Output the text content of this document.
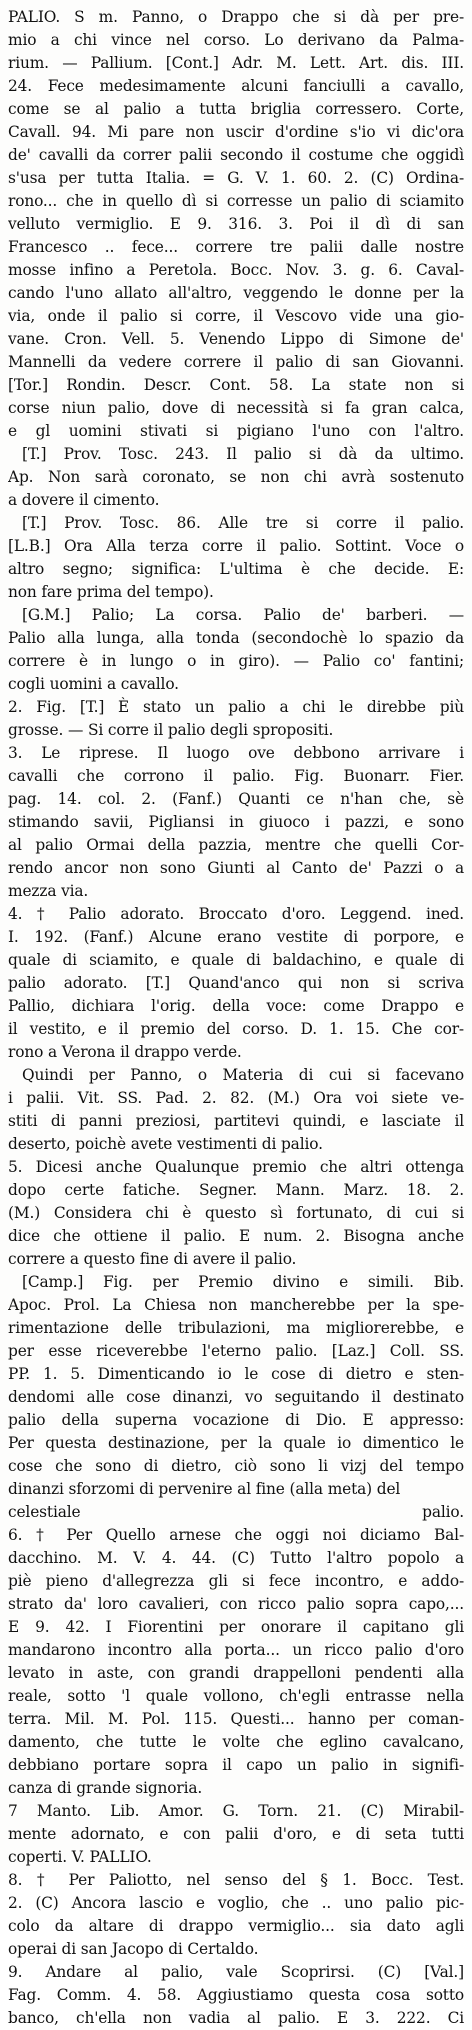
PALIO. S m. Panno, o Drappo che si dà per pre-
mio a chi vince nel corso. Lo derivano da Palma-
rium. — Pallium. [Cont.] Adr. M. Lett. Art. dis. III.
24. Fece medesimamente alcuni fanciulli a cavallo,
come se al palio a tutta briglia corressero. Corte,
Cavall. 94. Mi pare non uscir d'ordine s'io vi dic'ora
de' cavalli da correr palii secondo il costume che oggidì
s'usa per tutta Italia. = G. V. 1. 60. 2. (C) Ordina-
rono... che in quello dì si corresse un palio di sciamito
velluto vermiglio. E 9. 316. 3. Poi il dì di san
Francesco .. fece... correre tre palii dalle nostre
mosse infino a Peretola. Bocc. Nov. 3. g. 6. Caval-
cando l'uno allato all'altro, veggendo le donne per la
via, onde il palio si corre, il Vescovo vide una gio-
vane. Cron. Vell. 5. Venendo Lippo di Simone de'
Mannelli da vedere correre il palio di san Giovanni.
[Tor.] Rondin. Descr. Cont. 58. La state non si
corse niun palio, dove di necessità si fa gran calca,
e gl uomini stivati si pigiano l'uno con l'altro.
[T.] Prov. Tosc. 243. Il palio si dà da ultimo.
Ap. Non sarà coronato, se non chi avrà sostenuto
a dovere il cimento.
[T.] Prov. Tosc. 86. Alle tre si corre il palio.
[L.B.] Ora Alla terza corre il palio. Sottint. Voce o
altro segno; significa: L'ultima è che decide. E:
non fare prima del tempo).
[G.M.] Palio; La corsa. Palio de' barberi. —
Palio alla lunga, alla tonda (secondochè lo spazio da
correre è in lungo o in giro). — Palio co' fantini;
cogli uomini a cavallo.
2. Fig. [T.] È stato un palio a chi le direbbe più
grosse. — Si corre il palio degli spropositi.
3. Le riprese. Il luogo ove debbono arrivare i
cavalli che corrono il palio. Fig. Buonarr. Fier.
pag. 14. col. 2. (Fanf.) Quanti ce n'han che, sè
stimando savii, Pigliansi in giuoco i pazzi, e sono
al palio Ormai della pazzia, mentre che quelli Cor-
rendo ancor non sono Giunti al Canto de' Pazzi o a
mezza via.
4. † Palio adorato. Broccato d'oro. Leggend. ined.
I. 192. (Fanf.) Alcune erano vestite di porpore, e
quale di sciamito, e quale di baldachino, e quale di
palio adorato. [T.] Quand'anco qui non si scriva
Pallio, dichiara l'orig. della voce: come Drappo e
il vestito, e il premio del corso. D. 1. 15. Che cor-
rono a Verona il drappo verde.
Quindi per Panno, o Materia di cui si facevano
i palii. Vit. SS. Pad. 2. 82. (M.) Ora voi siete ve-
stiti di panni preziosi, partitevi quindi, e lasciate il
deserto, poichè avete vestimenti di palio.
5. Dicesi anche Qualunque premio che altri ottenga
dopo certe fatiche. Segner. Mann. Marz. 18. 2.
(M.) Considera chi è questo sì fortunato, di cui si
dice che ottiene il palio. E num. 2. Bisogna anche
correre a questo fine di avere il palio.
[Camp.] Fig. per Premio divino e simili. Bib.
Apoc. Prol. La Chiesa non mancherebbe per la spe-
rimentazione delle tribulazioni, ma migliorerebbe, e
per esse riceverebbe l'eterno palio. [Laz.] Coll. SS.
PP. 1. 5. Dimenticando io le cose di dietro e sten-
dendomi alle cose dinanzi, vo seguitando il destinato
palio della superna vocazione di Dio. E appresso:
Per questa destinazione, per la quale io dimentico le
cose che sono di dietro, ciò sono li vizj del tempo
dinanzi sforzomi di pervenire al fine (alla meta) del
celestiale palio.
6. † Per Quello arnese che oggi noi diciamo Bal-
dacchino. M. V. 4. 44. (C) Tutto l'altro popolo a
piè pieno d'allegrezza gli si fece incontro, e addo-
strato da' loro cavalieri, con ricco palio sopra capo,...
E 9. 42. I Fiorentini per onorare il capitano gli
mandarono incontro alla porta... un ricco palio d'oro
levato in aste, con grandi drappelloni pendenti alla
reale, sotto 'l quale vollono, ch'egli entrasse nella
terra. Mil. M. Pol. 115. Questi... hanno per coman-
damento, che tutte le volte che eglino cavalcano,
debbiano portare sopra il capo un palio in signifi-
canza di grande signoria.
7 Manto. Lib. Amor. G. Torn. 21. (C) Mirabil-
mente adornato, e con palii d'oro, e di seta tutti
coperti. V. PALLIO.
8. † Per Paliotto, nel senso del § 1. Bocc. Test.
2. (C) Ancora lascio e voglio, che .. uno palio pic-
colo da altare di drappo vermiglio... sia dato agli
operai di san Jacopo di Certaldo.
9. Andare al palio, vale Scoprirsi. (C) [Val.]
Fag. Comm. 4. 58. Aggiustiamo questa cosa sotto
banco, ch'ella non vadia al palio. E 3. 222. Ci
